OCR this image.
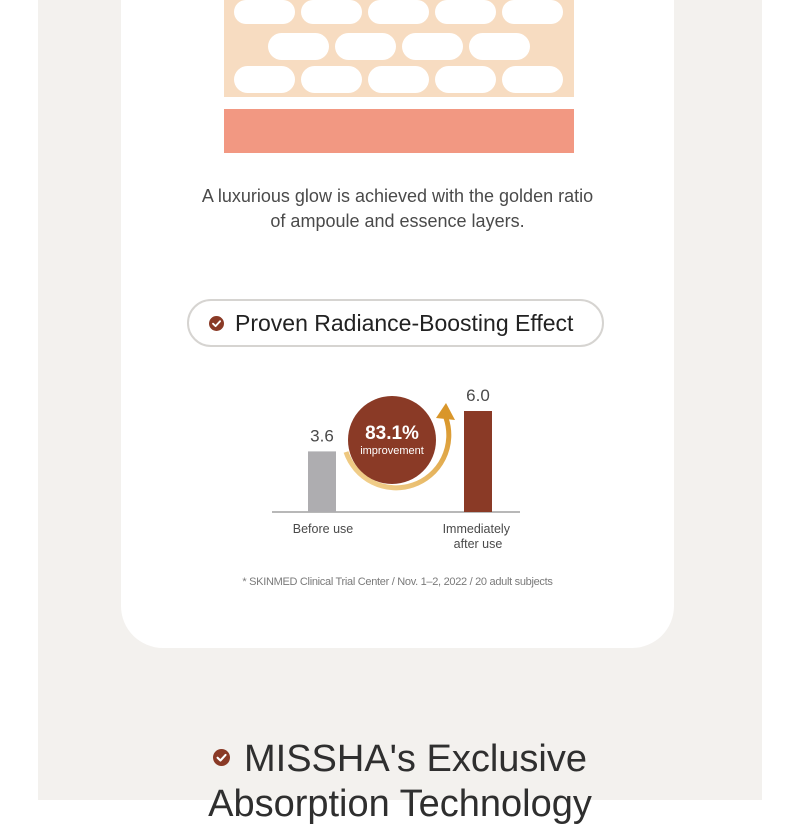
A luxurious glow is achieved with the golden ratio
of ampoule and essence layers.
Proven Radiance-Boosting Effect
3.6
6.0
83.1%
improvement
Before use	Immediately after use
* SKINMED Clinical Trial Center / Nov. 1–2, 2022 / 20 adult subjects
MISSHA's Exclusive
Absorption Technology
